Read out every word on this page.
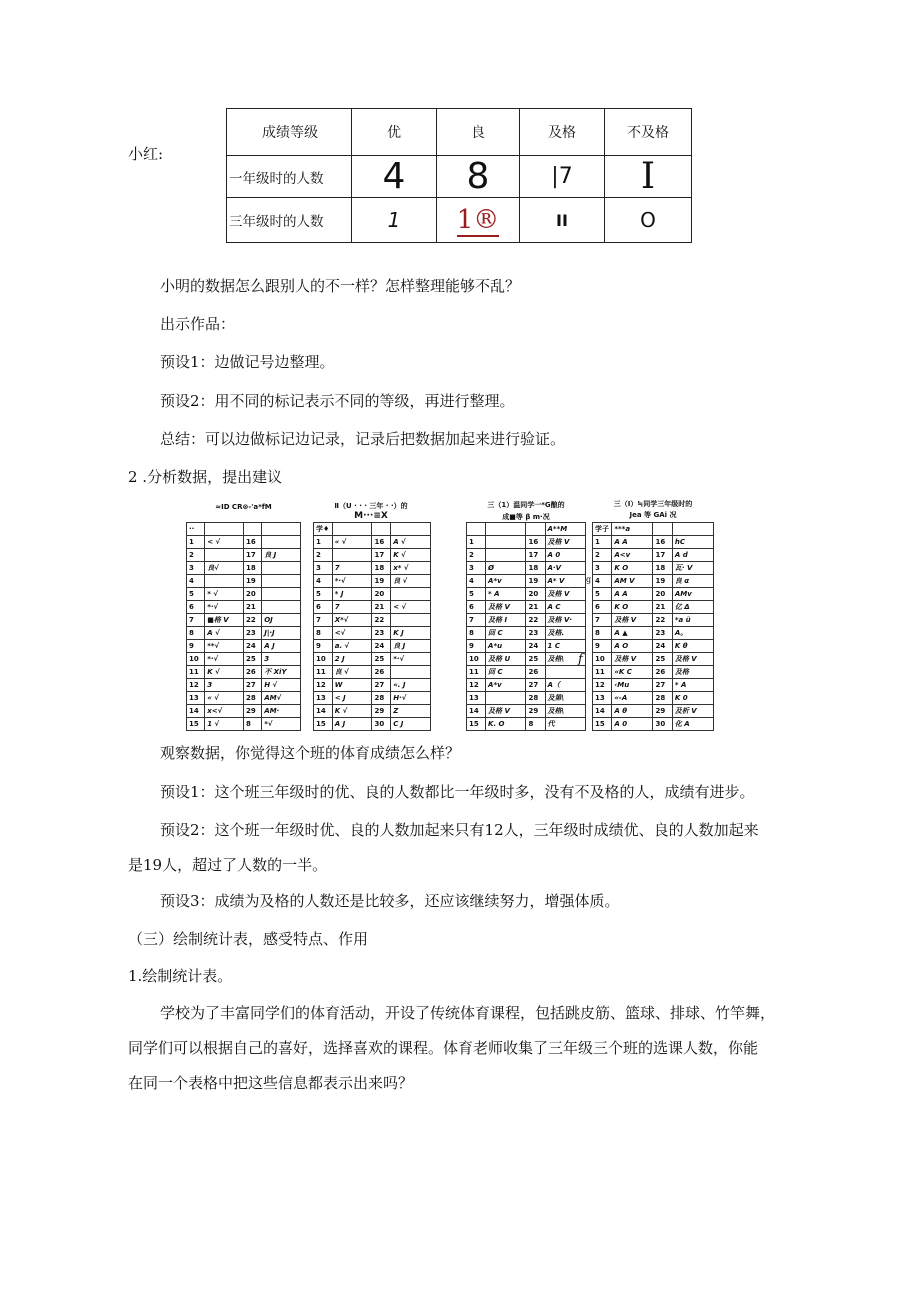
小红:
成绩等级	优	良	及格	不及格
一年级时的人数	4	8	|7	I
三年级时的人数	1	1®	II	O
小明的数据怎么跟别人的不一样？怎样整理能够不乱？
出示作品：
预设1：边做记号边整理。
预设2：用不同的标记表示不同的等级，再进行整理。
总结：可以边做标记边记录，记录后把数据加起来进行验证。
2 .分析数据，提出建议
≈ID CR⊗-'a*fM	Ⅱ（U · · · 三年 · ·）的
M···≡X
三（1）温同学一*G酿的
成■等 β m·况
三（I）≒同学三年级时的
Jea 等 GAi 况
··			
1	< √	16	
2		17	良 J
3	良√	18	
4		19	
5	* √	20	
6	*·√	21	
7	■格 V	22	OJ
8	A √	23	J|·J
9	**√	24	A J
10	*·√	25	3
11	K √	26	不 XiY
12	3	27	H √
13	« √	28	AM√
14	x<√	29	AM·
15	1 √	8	*√
学♦			
1	« √	16	A √
2		17	K √
3	7	18	x* √
4	*·√	19	良 √
5	* J	20	
6	7	21	< √
7	X*√	22	
8	<√	23	K J
9	a. √	24	良 J
10	2 J	25	*·√
11	良 √	26	
12	W	27	«. J
13	< J	28	H·√
14	K √	29	Z
15	A J	30	C J
			A**M
1		16	及格 V
2		17	A 0
3	Ø	18	A·V
4	A*v	19	A* V
5	* A	20	及格 V
6	及格 V	21	A C
7	及格 I	22	及格 V·
8	回 C	23	及格.
9	A*u	24	1 C
10	及格 U	25	及格\
11	回 C	26	
12	A*v	27	A（
13		28	及第\
14	及格 V	29	及格\
15	K. O	8	代
学子	***a		
1	A A	16	hC
2	A<v	17	A d
3	K O	18	瓦· V
4	AM V	19	良 α
5	A A	20	AMv
6	K O	21	亿 Δ
7	及格 V	22	*a ü
8	A ▲	23	A。
9	A O	24	K θ
10	及格 V	25	及格 V
11	«K C	26	及格
12	‹Mu	27	* A
13	«-A	28	K 0
14	A θ	29	及析 V
15	A 0	30	化 A
f
g
观察数据，你觉得这个班的体育成绩怎么样？
预设1：这个班三年级时的优、良的人数都比一年级时多，没有不及格的人，成绩有进步。
预设2：这个班一年级时优、良的人数加起来只有12人，三年级时成绩优、良的人数加起来
是19人，超过了人数的一半。
预设3：成绩为及格的人数还是比较多，还应该继续努力，增强体质。
（三）绘制统计表，感受特点、作用
1.绘制统计表。
学校为了丰富同学们的体育活动，开设了传统体育课程，包括跳皮筋、篮球、排球、竹竿舞，
同学们可以根据自己的喜好，选择喜欢的课程。体育老师收集了三年级三个班的选课人数，你能
在同一个表格中把这些信息都表示出来吗？
